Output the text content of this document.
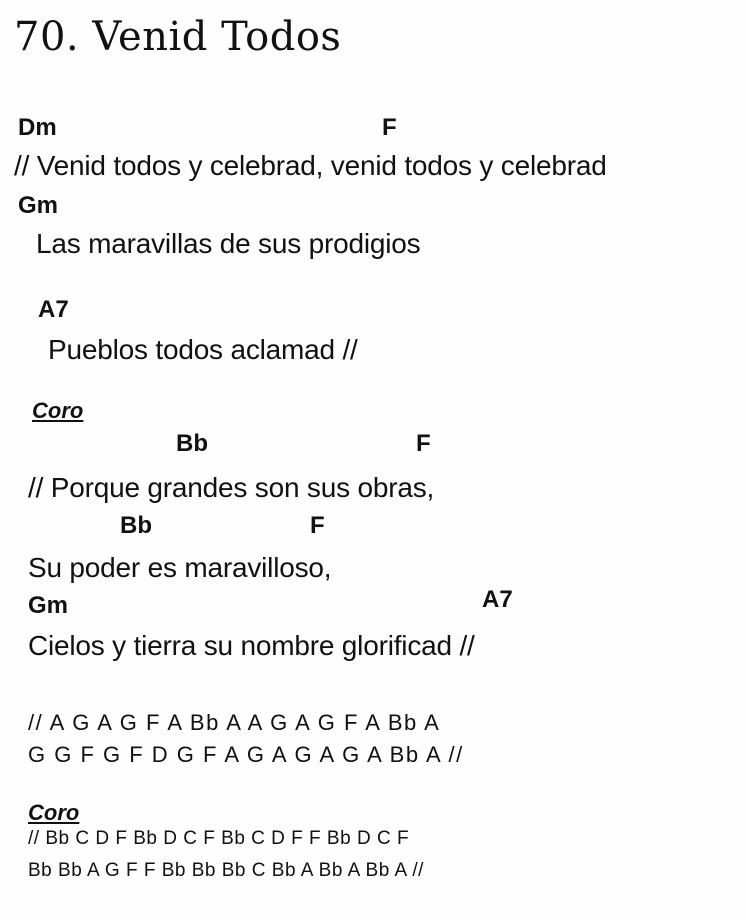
70. Venid Todos
Dm	F
// Venid todos y celebrad, venid todos y celebrad
Gm
Las maravillas de sus prodigios
A7
Pueblos todos aclamad //
Coro
Bb	F
// Porque grandes son sus obras,
Bb	F
Su poder es maravilloso,
Gm	A7
Cielos y tierra su nombre glorificad //
// A G A G F A Bb A A G A G F A Bb A
G G F G F D G F A G A G A G A Bb A //
Coro
// Bb C D F Bb D C F Bb C D F F Bb D C F
Bb Bb A G F F Bb Bb Bb C Bb A Bb A Bb A //
